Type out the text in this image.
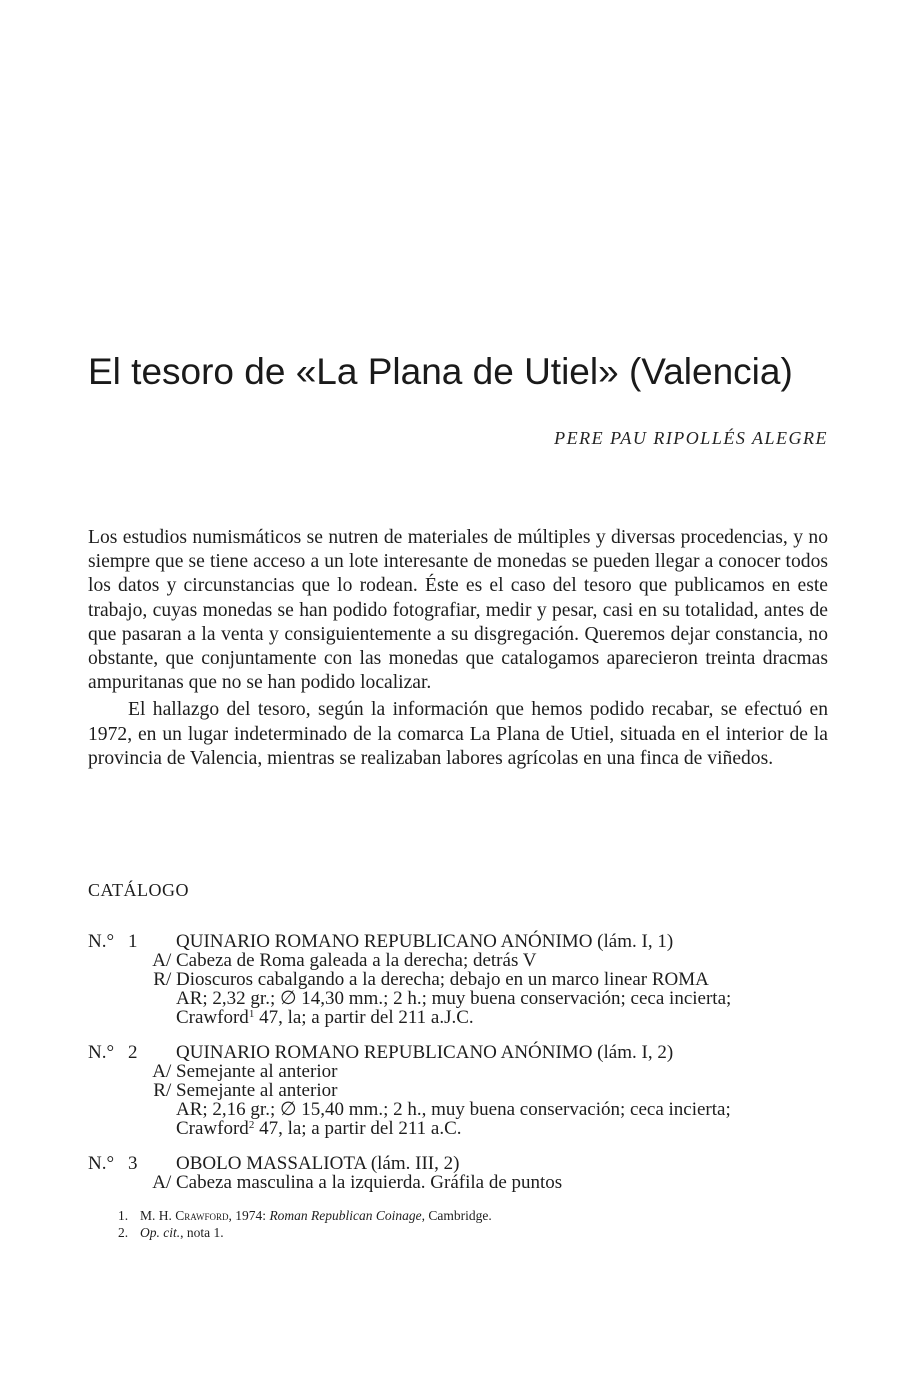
El tesoro de «La Plana de Utiel» (Valencia)
PERE PAU RIPOLLÉS ALEGRE

Los estudios numismáticos se nutren de materiales de múltiples y diversas procedencias, y no siempre que se tiene acceso a un lote interesante de monedas se pueden llegar a conocer todos los datos y circunstancias que lo rodean. Éste es el caso del tesoro que publicamos en este trabajo, cuyas monedas se han podido fotografiar, medir y pesar, casi en su totalidad, antes de que pasaran a la venta y consiguientemente a su disgregación. Queremos dejar constancia, no obstante, que conjuntamente con las monedas que catalogamos aparecieron treinta dracmas ampuritanas que no se han podido localizar.

El hallazgo del tesoro, según la información que hemos podido recabar, se efectuó en 1972, en un lugar indeterminado de la comarca La Plana de Utiel, situada en el interior de la provincia de Valencia, mientras se realizaban labores agrícolas en una finca de viñedos.

CATÁLOGO
N.° 1	QUINARIO ROMANO REPUBLICANO ANÓNIMO (lám. I, 1)
A/ Cabeza de Roma galeada a la derecha; detrás V
R/ Dioscuros cabalgando a la derecha; debajo en un marco linear ROMA
AR; 2,32 gr.; ∅ 14,30 mm.; 2 h.; muy buena conservación; ceca incierta;
Crawford$^1$ 47, la; a partir del 211 a.J.C.
N.° 2	QUINARIO ROMANO REPUBLICANO ANÓNIMO (lám. I, 2)
A/ Semejante al anterior
R/ Semejante al anterior
AR; 2,16 gr.; ∅ 15,40 mm.; 2 h., muy buena conservación; ceca incierta;
Crawford$^2$ 47, la; a partir del 211 a.C.
N.° 3	OBOLO MASSALIOTA (lám. III, 2)
A/ Cabeza masculina a la izquierda. Gráfila de puntos
1. M. H. Crawford, 1974: Roman Republican Coinage, Cambridge.
2. Op. cit., nota 1.
